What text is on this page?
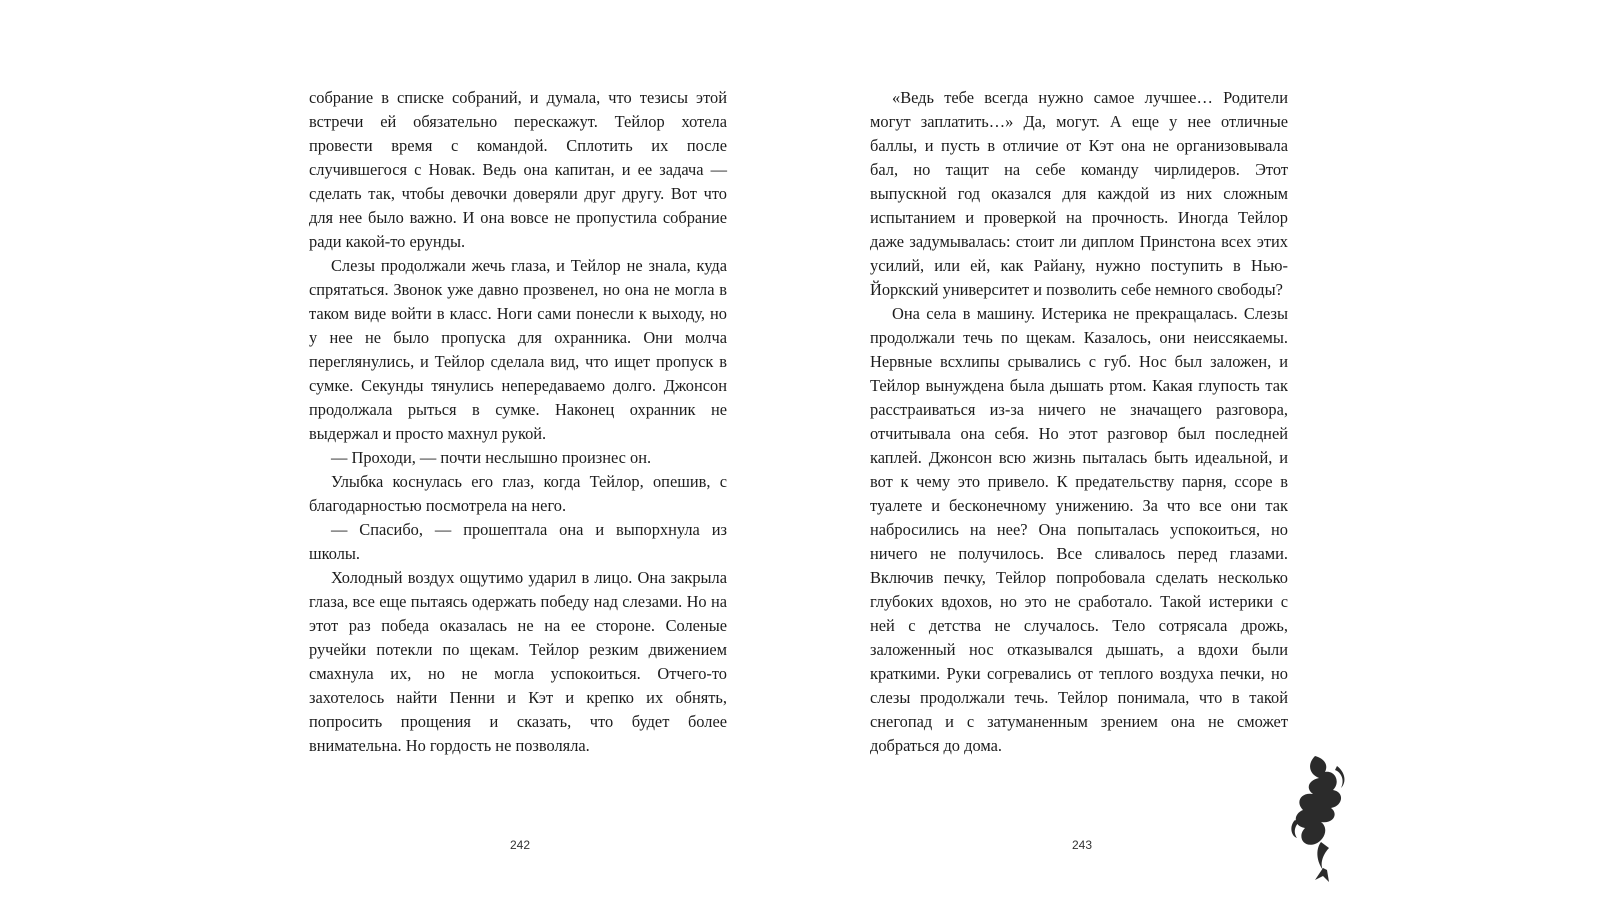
собрание в списке собраний, и думала, что тезисы этой встречи ей обязательно перескажут. Тейлор хотела провести время с командой. Сплотить их после случившегося с Новак. Ведь она капитан, и ее задача — сделать так, чтобы девочки доверяли друг другу. Вот что для нее было важно. И она вовсе не пропустила собрание ради какой-то ерунды.

Слезы продолжали жечь глаза, и Тейлор не знала, куда спрятаться. Звонок уже давно прозвенел, но она не могла в таком виде войти в класс. Ноги сами понесли к выходу, но у нее не было пропуска для охранника. Они молча переглянулись, и Тейлор сделала вид, что ищет пропуск в сумке. Секунды тянулись непередаваемо долго. Джонсон продолжала рыться в сумке. Наконец охранник не выдержал и просто махнул рукой.

— Проходи, — почти неслышно произнес он.

Улыбка коснулась его глаз, когда Тейлор, опешив, с благодарностью посмотрела на него.

— Спасибо, — прошептала она и выпорхнула из школы.

Холодный воздух ощутимо ударил в лицо. Она закрыла глаза, все еще пытаясь одержать победу над слезами. Но на этот раз победа оказалась не на ее стороне. Соленые ручейки потекли по щекам. Тейлор резким движением смахнула их, но не могла успокоиться. Отчего-то захотелось найти Пенни и Кэт и крепко их обнять, попросить прощения и сказать, что будет более внимательна. Но гордость не позволяла.

242

«Ведь тебе всегда нужно самое лучшее… Родители могут заплатить…» Да, могут. А еще у нее отличные баллы, и пусть в отличие от Кэт она не организовывала бал, но тащит на себе команду чирлидеров. Этот выпускной год оказался для каждой из них сложным испытанием и проверкой на прочность. Иногда Тейлор даже задумывалась: стоит ли диплом Принстона всех этих усилий, или ей, как Райану, нужно поступить в Нью-Йоркский университет и позволить себе немного свободы?

Она села в машину. Истерика не прекращалась. Слезы продолжали течь по щекам. Казалось, они неиссякаемы. Нервные всхлипы срывались с губ. Нос был заложен, и Тейлор вынуждена была дышать ртом. Какая глупость так расстраиваться из-за ничего не значащего разговора, отчитывала она себя. Но этот разговор был последней каплей. Джонсон всю жизнь пыталась быть идеальной, и вот к чему это привело. К предательству парня, ссоре в туалете и бесконечному унижению. За что все они так набросились на нее? Она попыталась успокоиться, но ничего не получилось. Все сливалось перед глазами. Включив печку, Тейлор попробовала сделать несколько глубоких вдохов, но это не сработало. Такой истерики с ней с детства не случалось. Тело сотрясала дрожь, заложенный нос отказывался дышать, а вдохи были краткими. Руки согревались от теплого воздуха печки, но слезы продолжали течь. Тейлор понимала, что в такой снегопад и с затуманенным зрением она не сможет добраться до дома.

243
